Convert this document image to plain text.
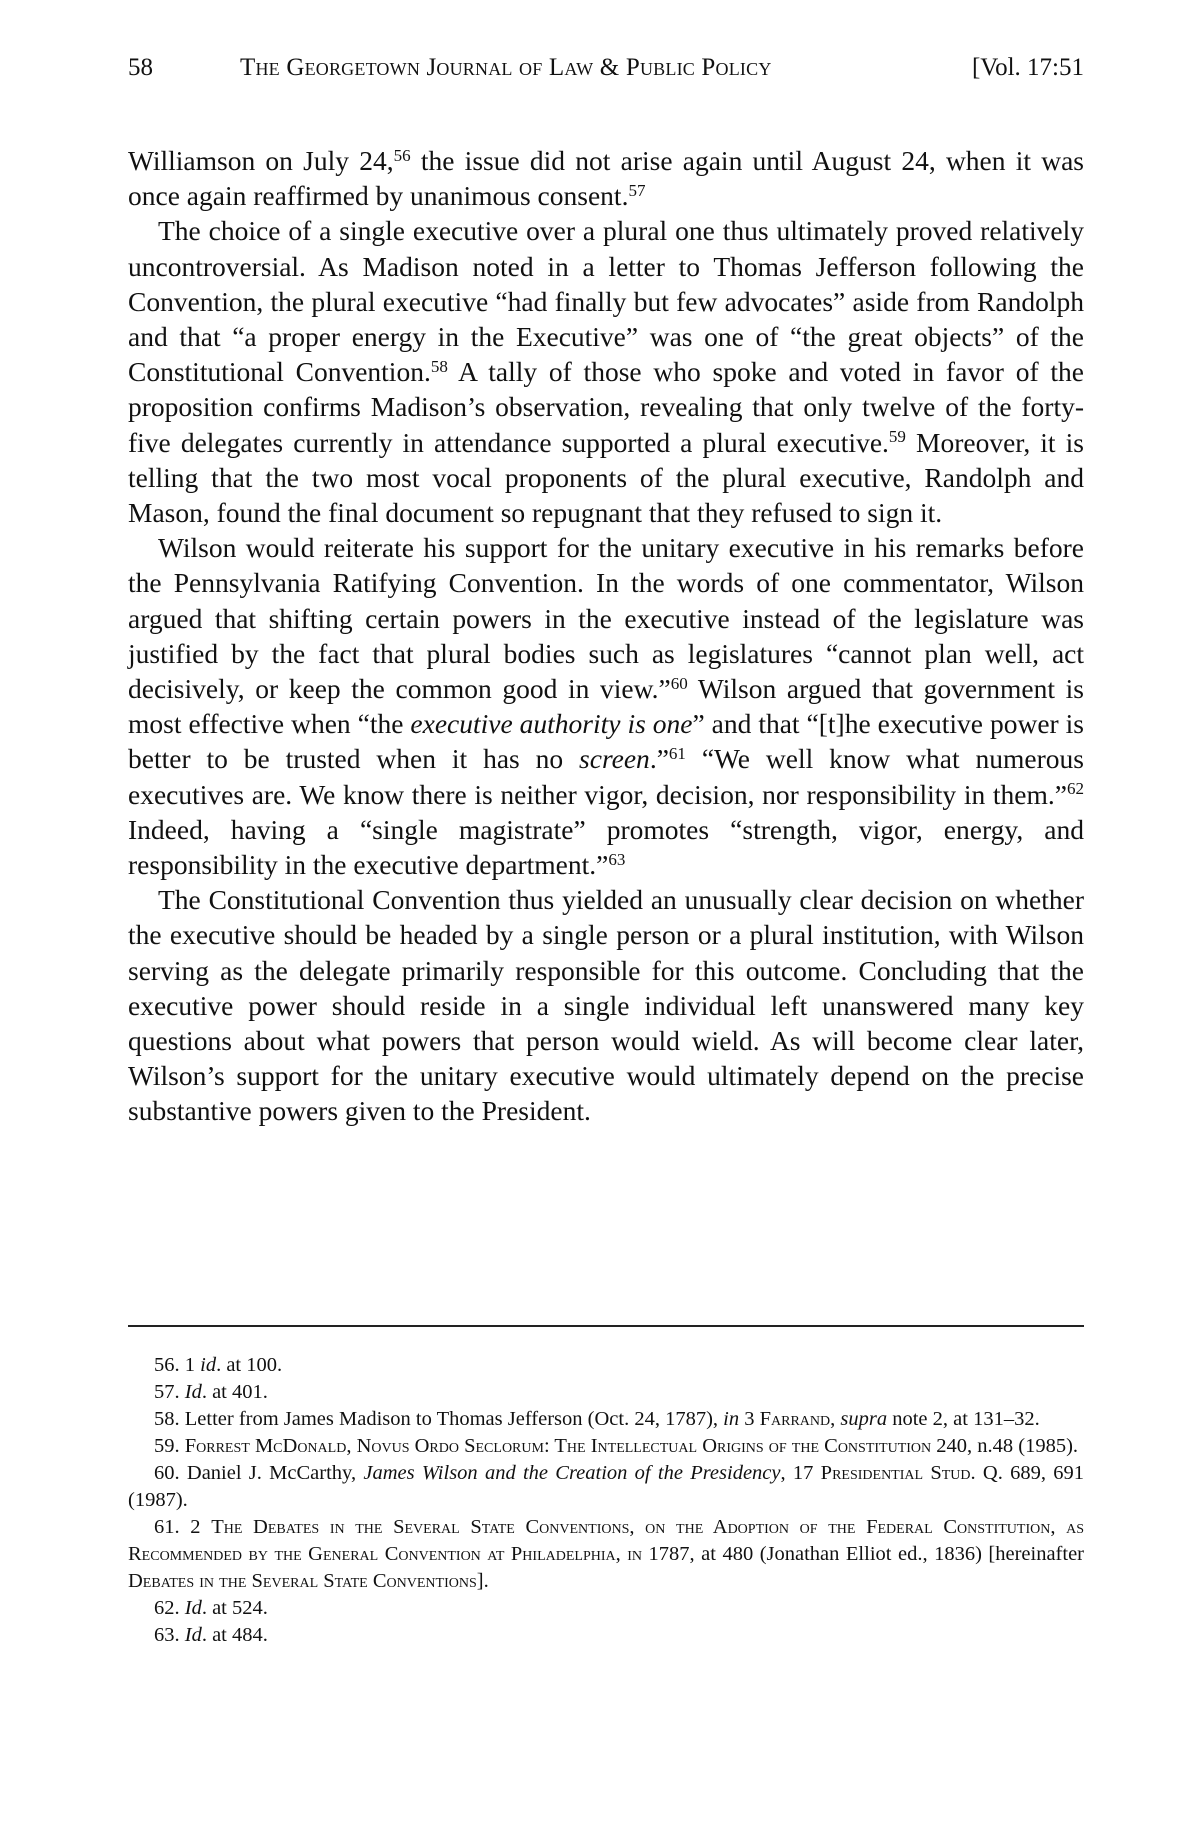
58	The Georgetown Journal of Law & Public Policy	[Vol. 17:51

Williamson on July 24,56 the issue did not arise again until August 24, when it was once again reaffirmed by unanimous consent.$^{57}$

The choice of a single executive over a plural one thus ultimately proved relatively uncontroversial. As Madison noted in a letter to Thomas Jefferson following the Convention, the plural executive “had finally but few advocates” aside from Randolph and that “a proper energy in the Executive” was one of “the great objects” of the Constitutional Convention.$^{58}$ A tally of those who spoke and voted in favor of the proposition confirms Madison’s observation, revealing that only twelve of the forty-five delegates currently in attendance supported a plural executive.$^{59}$ Moreover, it is telling that the two most vocal proponents of the plural executive, Randolph and Mason, found the final document so repugnant that they refused to sign it.

Wilson would reiterate his support for the unitary executive in his remarks before the Pennsylvania Ratifying Convention. In the words of one commentator, Wilson argued that shifting certain powers in the executive instead of the legislature was justified by the fact that plural bodies such as legislatures “cannot plan well, act decisively, or keep the common good in view.”$^{60}$ Wilson argued that government is most effective when “the executive authority is one” and that “[t]he executive power is better to be trusted when it has no screen.”$^{61}$ “We well know what numerous executives are. We know there is neither vigor, decision, nor responsibility in them.”$^{62}$ Indeed, having a “single magistrate” promotes “strength, vigor, energy, and responsibility in the executive department.”$^{63}$

The Constitutional Convention thus yielded an unusually clear decision on whether the executive should be headed by a single person or a plural institution, with Wilson serving as the delegate primarily responsible for this outcome. Concluding that the executive power should reside in a single individual left unanswered many key questions about what powers that person would wield. As will become clear later, Wilson’s support for the unitary executive would ultimately depend on the precise substantive powers given to the President.

56. 1 id. at 100.

57. Id. at 401.

58. Letter from James Madison to Thomas Jefferson (Oct. 24, 1787), in 3 Farrand, supra note 2, at 131–32.

59. Forrest McDonald, Novus Ordo Seclorum: The Intellectual Origins of the Constitution 240, n.48 (1985).

60. Daniel J. McCarthy, James Wilson and the Creation of the Presidency, 17 Presidential Stud. Q. 689, 691 (1987).

61. 2 The Debates in the Several State Conventions, on the Adoption of the Federal Constitution, as Recommended by the General Convention at Philadelphia, in 1787, at 480 (Jonathan Elliot ed., 1836) [hereinafter Debates in the Several State Conventions].

62. Id. at 524.

63. Id. at 484.
